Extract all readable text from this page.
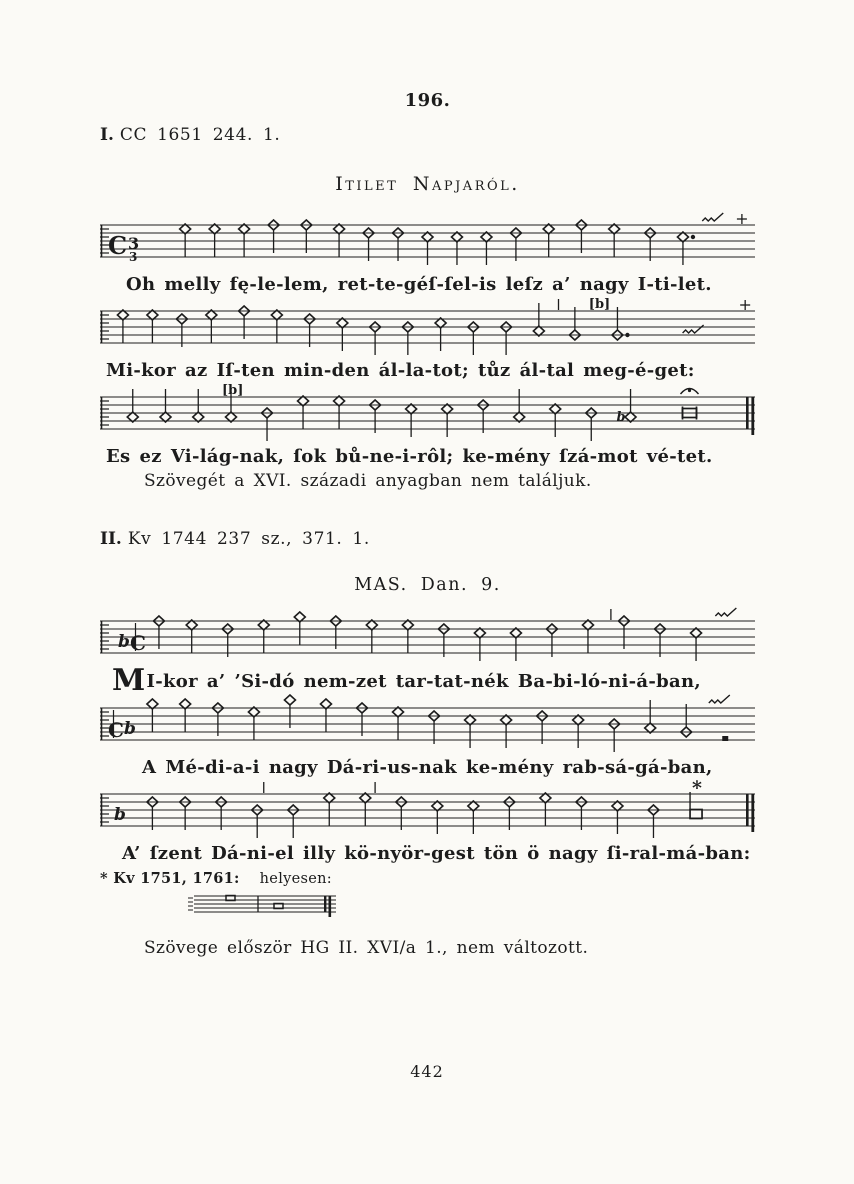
196.
I. CC 1651 244. 1.
Itilet Napjaról.
C 3
3
Oh melly fę-le-lem, ret-te-géſ-ſel-is leſz a’ nagy I-ti-let.
[b]
Mi-kor az Iſ-ten min-den ál-la-tot; tůz ál-tal meg-é-get:
b
[b]
Es ez Vi-lág-nak, ſok bů-ne-i-rôl; ke-mény ſzá-mot vé-tet.

Szövegét a XVI. századi anyagban nem találjuk.

II. Kv 1744 237 sz., 371. 1.
MAS. Dan. 9.
b C
MI-kor a’ ’Si-dó nem-zet tar-tat-nék Ba-bi-ló-ni-á-ban,
C b
A Mé-di-a-i nagy Dá-ri-us-nak ke-mény rab-sá-gá-ban,
b
*
A’ ſzent Dá-ni-el illy kö-nyör-gest tön ö nagy ſi-ral-má-ban:
* Kv 1751, 1761: helyesen:

Szövege először HG II. XVI/a 1., nem változott.

442
